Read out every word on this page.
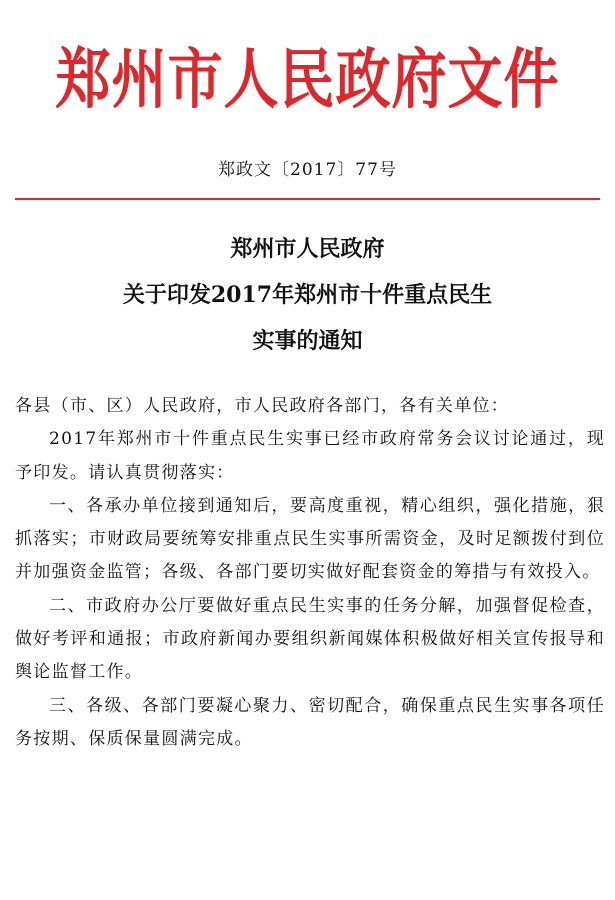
郑州市人民政府文件
郑政文〔2017〕77号
郑州市人民政府
关于印发2017年郑州市十件重点民生
实事的通知

各县（市、区）人民政府，市人民政府各部门，各有关单位：

2017年郑州市十件重点民生实事已经市政府常务会议讨论通过，现予印发。请认真贯彻落实：

一、各承办单位接到通知后，要高度重视，精心组织，强化措施，狠抓落实；市财政局要统筹安排重点民生实事所需资金，及时足额拨付到位并加强资金监管；各级、各部门要切实做好配套资金的筹措与有效投入。

二、市政府办公厅要做好重点民生实事的任务分解，加强督促检查，做好考评和通报；市政府新闻办要组织新闻媒体积极做好相关宣传报导和舆论监督工作。

三、各级、各部门要凝心聚力、密切配合，确保重点民生实事各项任务按期、保质保量圆满完成。
